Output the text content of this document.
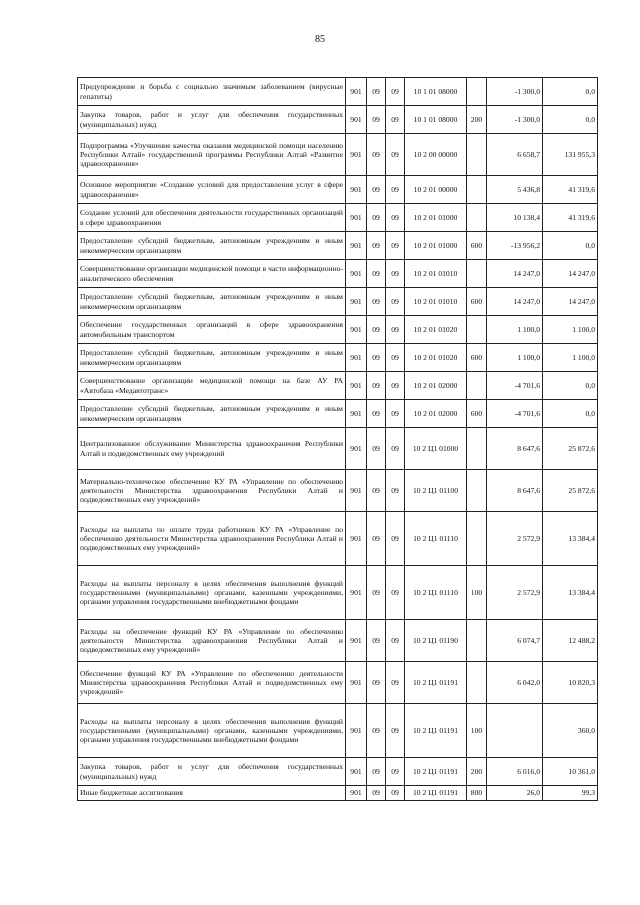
85
Предупреждение и борьба с социально значимым заболеванием (вирусные гепатиты)	901	09	09	10 1 01 08000		-1 300,0	0,0
Закупка товаров, работ и услуг для обеспечения государственных (муниципальных) нужд	901	09	09	10 1 01 08000	200	-1 300,0	0,0
Подпрограмма «Улучшение качества оказания медицинской помощи населению Республики Алтай» государственной программы Республики Алтай «Развитие здравоохранения»	901	09	09	10 2 00 00000		6 658,7	131 955,3
Основное мероприятие «Создание условий для предоставления услуг в сфере здравоохранения»	901	09	09	10 2 01 00000		5 436,8	41 319,6
Создание условий для обеспечения деятельности государственных организаций в сфере здравоохранения	901	09	09	10 2 01 01000		10 138,4	41 319,6
Предоставление субсидий бюджетным, автономным учреждениям и иным некоммерческим организациям	901	09	09	10 2 01 01000	600	-13 956,2	0,0
Совершенствование организации медицинской помощи в части информационно-аналитического обеспечения	901	09	09	10 2 01 01010		14 247,0	14 247,0
Предоставление субсидий бюджетным, автономным учреждениям и иным некоммерческим организациям	901	09	09	10 2 01 01010	600	14 247,0	14 247,0
Обеспечение государственных организаций в сфере здравоохранения автомобильным транспортом	901	09	09	10 2 01 01020		1 100,0	1 100,0
Предоставление субсидий бюджетным, автономным учреждениям и иным некоммерческим организациям	901	09	09	10 2 01 01020	600	1 100,0	1 100,0
Совершенствование организации медицинской помощи на базе АУ РА «Автобаза «Медавтотранс»	901	09	09	10 2 01 02000		-4 701,6	0,0
Предоставление субсидий бюджетным, автономным учреждениям и иным некоммерческим организациям	901	09	09	10 2 01 02000	600	-4 701,6	0,0
Централизованное обслуживание Министерства здравоохранения Республики Алтай и подведомственных ему учреждений	901	09	09	10 2 Ц1 01000		8 647,6	25 872,6
Материально-техническое обеспечение КУ РА «Управление по обеспечению деятельности Министерства здравоохранения Республики Алтай и подведомственных ему учреждений»	901	09	09	10 2 Ц1 01100		8 647,6	25 872,6
Расходы на выплаты по оплате труда работников КУ РА «Управление по обеспечению деятельности Министерства здравоохранения Республики Алтай и подведомственных ему учреждений»	901	09	09	10 2 Ц1 01110		2 572,9	13 384,4
Расходы на выплаты персоналу в целях обеспечения выполнения функций государственными (муниципальными) органами, казенными учреждениями, органами управления государственными внебюджетными фондами	901	09	09	10 2 Ц1 01110	100	2 572,9	13 384,4
Расходы на обеспечение функций КУ РА «Управление по обеспечению деятельности Министерства здравоохранения Республики Алтай и подведомственных ему учреждений»	901	09	09	10 2 Ц1 01190		6 074,7	12 488,2
Обеспечение функций КУ РА «Управление по обеспечению деятельности Министерства здравоохранения Республики Алтай и подведомственных ему учреждений»	901	09	09	10 2 Ц1 01191		6 042,0	10 820,3
Расходы на выплаты персоналу в целях обеспечения выполнения функций государственными (муниципальными) органами, казенными учреждениями, органами управления государственными внебюджетными фондами	901	09	09	10 2 Ц1 01191	100		360,0
Закупка товаров, работ и услуг для обеспечения государственных (муниципальных) нужд	901	09	09	10 2 Ц1 01191	200	6 016,0	10 361,0
Иные бюджетные ассигнования	901	09	09	10 2 Ц1 01191	800	26,0	99,3
